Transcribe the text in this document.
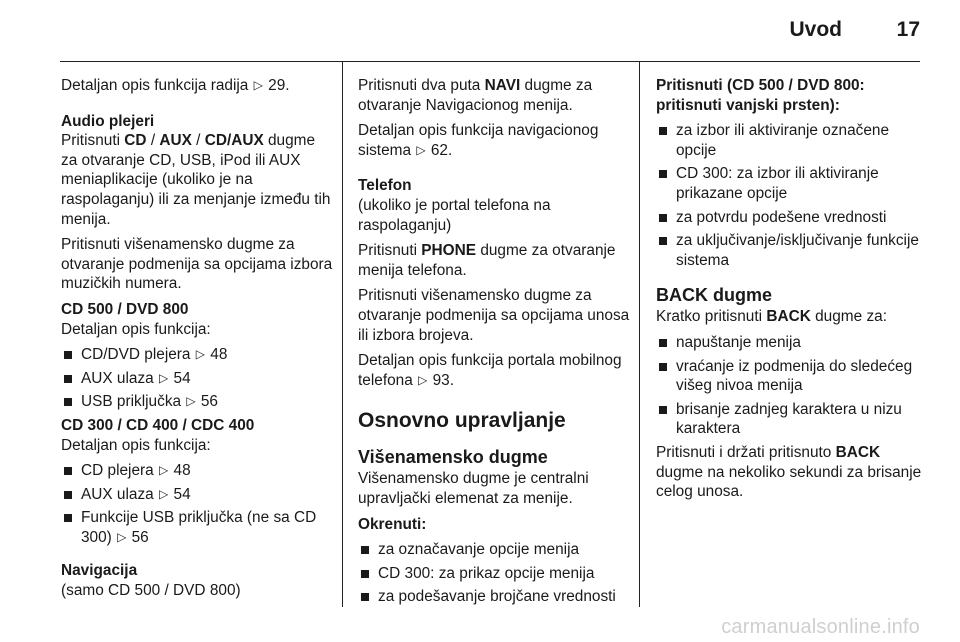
Uvod	17

Detaljan opis funkcija radija ▷ 29.

Audio plejeri

Pritisnuti CD / AUX / CD/AUX dugme za otvaranje CD, USB, iPod ili AUX meniaplikacije (ukoliko je na raspolaganju) ili za menjanje između tih menija.

Pritisnuti višenamensko dugme za otvaranje podmenija sa opcijama izbora muzičkih numera.

CD 500 / DVD 800
Detaljan opis funkcija:
CD/DVD plejera ▷ 48
AUX ulaza ▷ 54
USB priključka ▷ 56
CD 300 / CD 400 / CDC 400
Detaljan opis funkcija:
CD plejera ▷ 48
AUX ulaza ▷ 54
Funkcije USB priključka (ne sa CD 300) ▷ 56
Navigacija
(samo CD 500 / DVD 800)

Pritisnuti dva puta NAVI dugme za otvaranje Navigacionog menija.

Detaljan opis funkcija navigacionog sistema ▷ 62.

Telefon

(ukoliko je portal telefona na raspolaganju)

Pritisnuti PHONE dugme za otvaranje menija telefona.

Pritisnuti višenamensko dugme za otvaranje podmenija sa opcijama unosa ili izbora brojeva.

Detaljan opis funkcija portala mobilnog telefona ▷ 93.

Osnovno upravljanje
Višenamensko dugme

Višenamensko dugme je centralni upravljački elemenat za menije.

Okrenuti:
za označavanje opcije menija
CD 300: za prikaz opcije menija
za podešavanje brojčane vrednosti
Pritisnuti (CD 500 / DVD 800: pritisnuti vanjski prsten):
za izbor ili aktiviranje označene opcije
CD 300: za izbor ili aktiviranje prikazane opcije
za potvrdu podešene vrednosti
za uključivanje/isključivanje funkcije sistema
BACK dugme

Kratko pritisnuti BACK dugme za:

napuštanje menija
vraćanje iz podmenija do sledećeg višeg nivoa menija
brisanje zadnjeg karaktera u nizu karaktera

Pritisnuti i držati pritisnuto BACK dugme na nekoliko sekundi za brisanje celog unosa.

carmanualsonline.info
